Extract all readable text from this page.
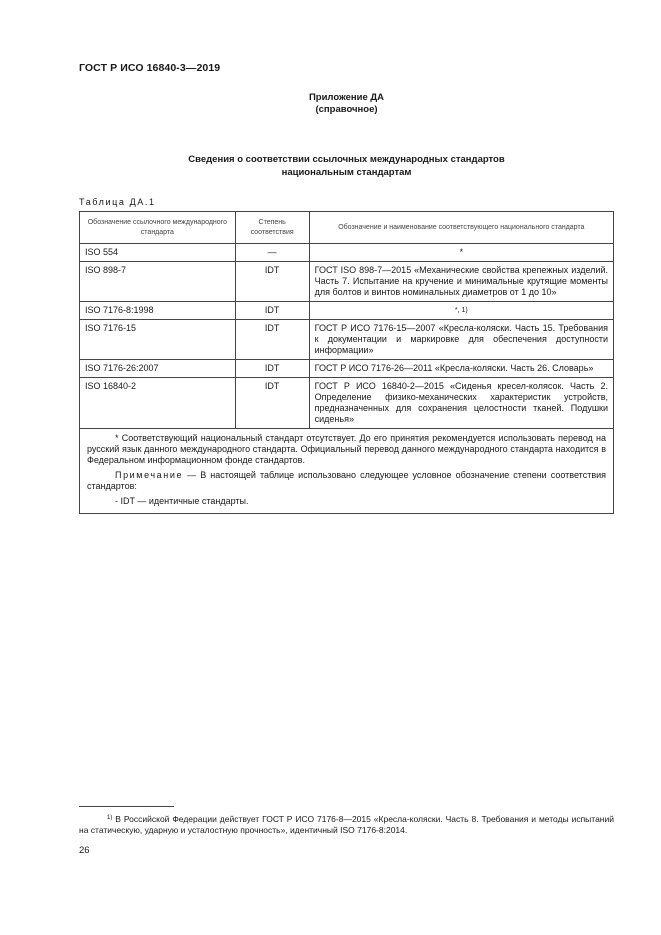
ГОСТ Р ИСО 16840-3—2019
Приложение ДА
(справочное)
Сведения о соответствии ссылочных международных стандартов
национальным стандартам
Таблица ДА.1
Обозначение ссылочного международного стандарта	Степень соответствия	Обозначение и наименование соответствующего национального стандарта
ISO 554	—	*
ISO 898-7	IDT	ГОСТ ISO 898-7—2015 «Механические свойства крепежных изделий. Часть 7. Испытание на кручение и минимальные крутящие моменты для болтов и винтов номинальных диаметров от 1 до 10»
ISO 7176-8:1998	IDT	*, 1)
ISO 7176-15	IDT	ГОСТ Р ИСО 7176-15—2007 «Кресла-коляски. Часть 15. Требования к документации и маркировке для обеспечения доступности информации»
ISO 7176-26:2007	IDT	ГОСТ Р ИСО 7176-26—2011 «Кресла-коляски. Часть 26. Словарь»
ISO 16840-2	IDT	ГОСТ Р ИСО 16840-2—2015 «Сиденья кресел-колясок. Часть 2. Определение физико-механических характеристик устройств, предназначенных для сохранения целостности тканей. Подушки сиденья»

* Соответствующий национальный стандарт отсутствует. До его принятия рекомендуется использовать перевод на русский язык данного международного стандарта. Официальный перевод данного международного стандарта находится в Федеральном информационном фонде стандартов.

Примечание — В настоящей таблице использовано следующее условное обозначение степени соответствия стандартов:

- IDT — идентичные стандарты.		

$^{1)}$ В Российской Федерации действует ГОСТ Р ИСО 7176-8—2015 «Кресла-коляски. Часть 8. Требования и методы испытаний на статическую, ударную и усталостную прочность», идентичный ISO 7176-8:2014.
26
